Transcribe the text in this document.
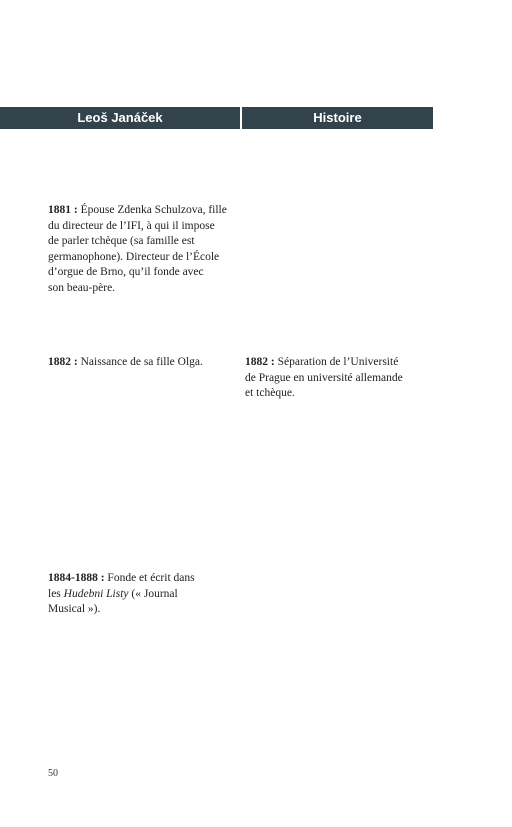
Leoš Janáček	Histoire
1881 : Épouse Zdenka Schulzova, fille
du directeur de l’IFI, à qui il impose
de parler tchèque (sa famille est
germanophone). Directeur de l’École
d’orgue de Brno, qu’il fonde avec
son beau-père.
1882 : Naissance de sa fille Olga.	1882 : Séparation de l’Université
de Prague en université allemande
et tchèque.
1884-1888 : Fonde et écrit dans
les Hudebni Listy (« Journal
Musical »).
50
